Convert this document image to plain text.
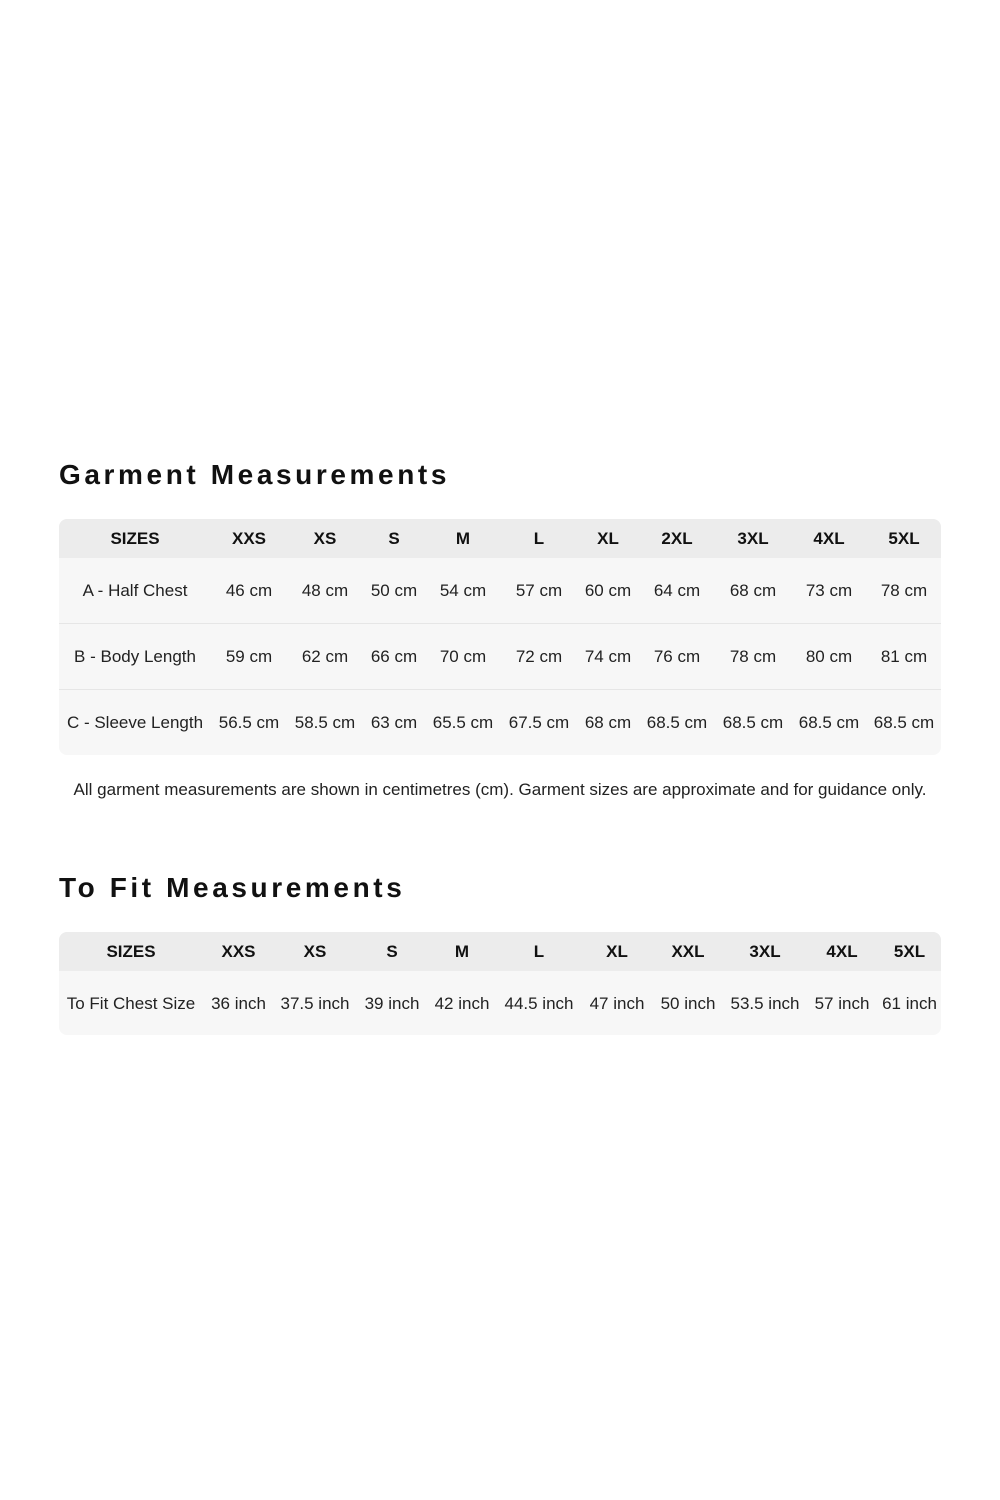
Garment Measurements
SIZES	XXS	XS	S	M	L	XL	2XL	3XL	4XL	5XL
A - Half Chest	46 cm	48 cm	50 cm	54 cm	57 cm	60 cm	64 cm	68 cm	73 cm	78 cm
B - Body Length	59 cm	62 cm	66 cm	70 cm	72 cm	74 cm	76 cm	78 cm	80 cm	81 cm
C - Sleeve Length	56.5 cm	58.5 cm	63 cm	65.5 cm	67.5 cm	68 cm	68.5 cm	68.5 cm	68.5 cm	68.5 cm

All garment measurements are shown in centimetres (cm). Garment sizes are approximate and for guidance only.

To Fit Measurements
SIZES	XXS	XS	S	M	L	XL	XXL	3XL	4XL	5XL
To Fit Chest Size	36 inch	37.5 inch	39 inch	42 inch	44.5 inch	47 inch	50 inch	53.5 inch	57 inch	61 inch
